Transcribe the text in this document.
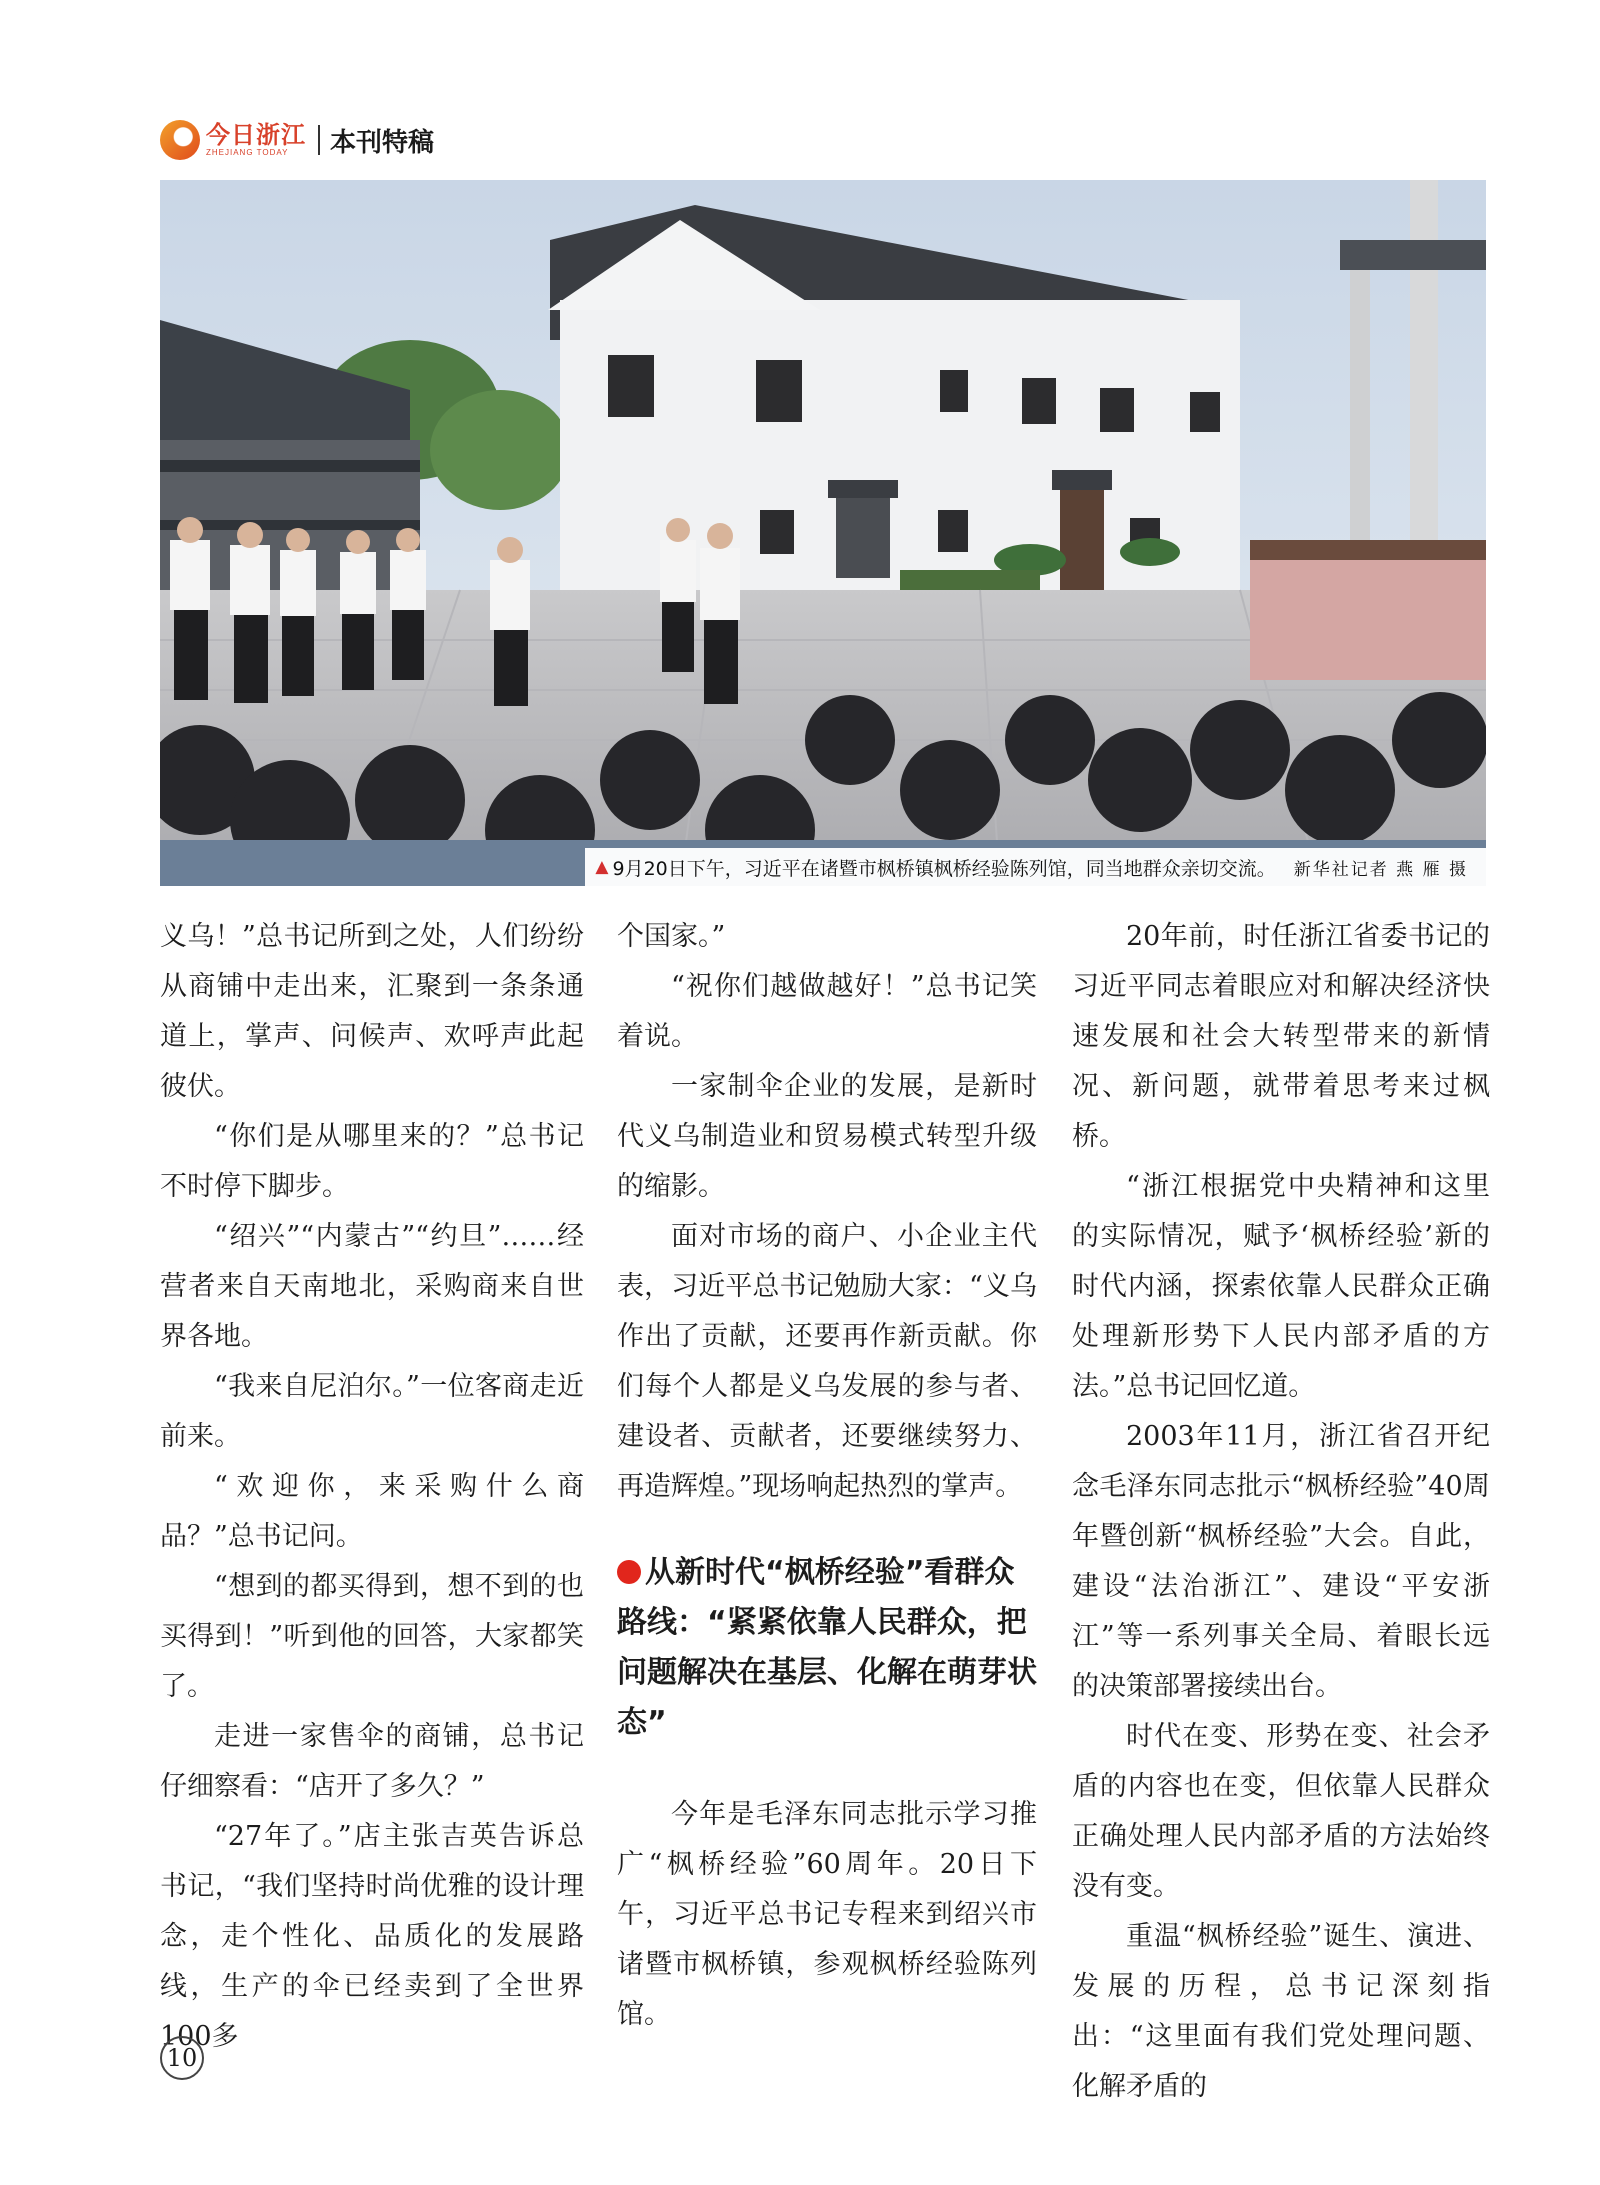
今日浙江
ZHEJIANG TODAY	本刊特稿
▲ 9月20日下午，习近平在诸暨市枫桥镇枫桥经验陈列馆，同当地群众亲切交流。 新华社记者 燕 雁 摄

义乌！”总书记所到之处，人们纷纷从商铺中走出来，汇聚到一条条通道上，掌声、问候声、欢呼声此起彼伏。

“你们是从哪里来的？”总书记不时停下脚步。

“绍兴”“内蒙古”“约旦”……经营者来自天南地北，采购商来自世界各地。

“我来自尼泊尔。”一位客商走近前来。

“欢迎你，来采购什么商品？”总书记问。

“想到的都买得到，想不到的也买得到！”听到他的回答，大家都笑了。

走进一家售伞的商铺，总书记仔细察看：“店开了多久？”

“27年了。”店主张吉英告诉总书记，“我们坚持时尚优雅的设计理念，走个性化、品质化的发展路线，生产的伞已经卖到了全世界100多

个国家。”

“祝你们越做越好！”总书记笑着说。

一家制伞企业的发展，是新时代义乌制造业和贸易模式转型升级的缩影。

面对市场的商户、小企业主代表，习近平总书记勉励大家：“义乌作出了贡献，还要再作新贡献。你们每个人都是义乌发展的参与者、建设者、贡献者，还要继续努力、再造辉煌。”现场响起热烈的掌声。

从新时代“枫桥经验”看群众路线：“紧紧依靠人民群众，把问题解决在基层、化解在萌芽状态”

今年是毛泽东同志批示学习推广“枫桥经验”60周年。20日下午，习近平总书记专程来到绍兴市诸暨市枫桥镇，参观枫桥经验陈列馆。

20年前，时任浙江省委书记的习近平同志着眼应对和解决经济快速发展和社会大转型带来的新情况、新问题，就带着思考来过枫桥。

“浙江根据党中央精神和这里的实际情况，赋予‘枫桥经验’新的时代内涵，探索依靠人民群众正确处理新形势下人民内部矛盾的方法。”总书记回忆道。

2003年11月，浙江省召开纪念毛泽东同志批示“枫桥经验”40周年暨创新“枫桥经验”大会。自此，建设“法治浙江”、建设“平安浙江”等一系列事关全局、着眼长远的决策部署接续出台。

时代在变、形势在变、社会矛盾的内容也在变，但依靠人民群众正确处理人民内部矛盾的方法始终没有变。

重温“枫桥经验”诞生、演进、发展的历程，总书记深刻指出：“这里面有我们党处理问题、化解矛盾的

10
